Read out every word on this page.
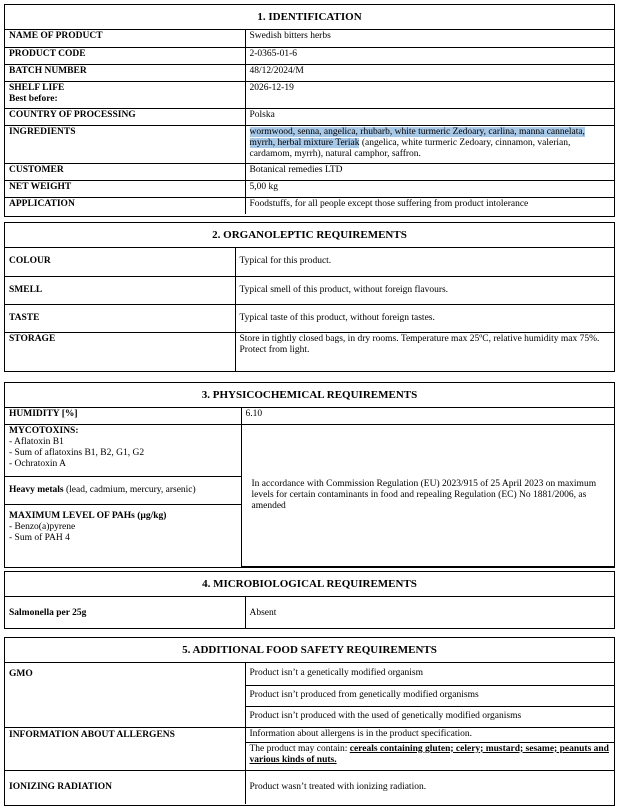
1. IDENTIFICATION
NAME OF PRODUCT	Swedish bitters herbs
PRODUCT CODE	2-0365-01-6
BATCH NUMBER	48/12/2024/M

SHELF LIFE
Best before:	2026-12-19
COUNTRY OF PROCESSING	Polska
INGREDIENTS	wormwood, senna, angelica, rhubarb, white turmeric Zedoary, carlina, manna cannelata, myrrh, herbal mixture Teriak (angelica, white turmeric Zedoary, cinnamon, valerian, cardamom, myrrh), natural camphor, saffron.
CUSTOMER	Botanical remedies LTD
NET WEIGHT	5,00 kg
APPLICATION	Foodstuffs, for all people except those suffering from product intolerance
2. ORGANOLEPTIC REQUIREMENTS
COLOUR	Typical for this product.
SMELL	Typical smell of this product, without foreign flavours.
TASTE	Typical taste of this product, without foreign tastes.
STORAGE	Store in tightly closed bags, in dry rooms. Temperature max 25ºC, relative humidity max 75%. Protect from light.
3. PHYSICOCHEMICAL REQUIREMENTS
HUMIDITY [%]	6.10

MYCOTOXINS:
- Aflatoxin B1
- Sum of aflatoxins B1, B2, G1, G2
- Ochratoxin A	In accordance with Commission Regulation (EU) 2023/915 of 25 April 2023 on maximum levels for certain contaminants in food and repealing Regulation (EC) No 1881/2006, as amended
Heavy metals (lead, cadmium, mercury, arsenic)	

MAXIMUM LEVEL OF PAHs (µg/kg)
- Benzo(a)pyrene
- Sum of PAH 4	
4. MICROBIOLOGICAL REQUIREMENTS
Salmonella per 25g	Absent
5. ADDITIONAL FOOD SAFETY REQUIREMENTS
GMO	Product isn’t a genetically modified organism
	Product isn’t produced from genetically modified organisms
	Product isn’t produced with the used of genetically modified organisms
INFORMATION ABOUT ALLERGENS	Information about allergens is in the product specification.
	The product may contain: cereals containing gluten; celery; mustard; sesame; peanuts and various kinds of nuts.
IONIZING RADIATION	Product wasn’t treated with ionizing radiation.
